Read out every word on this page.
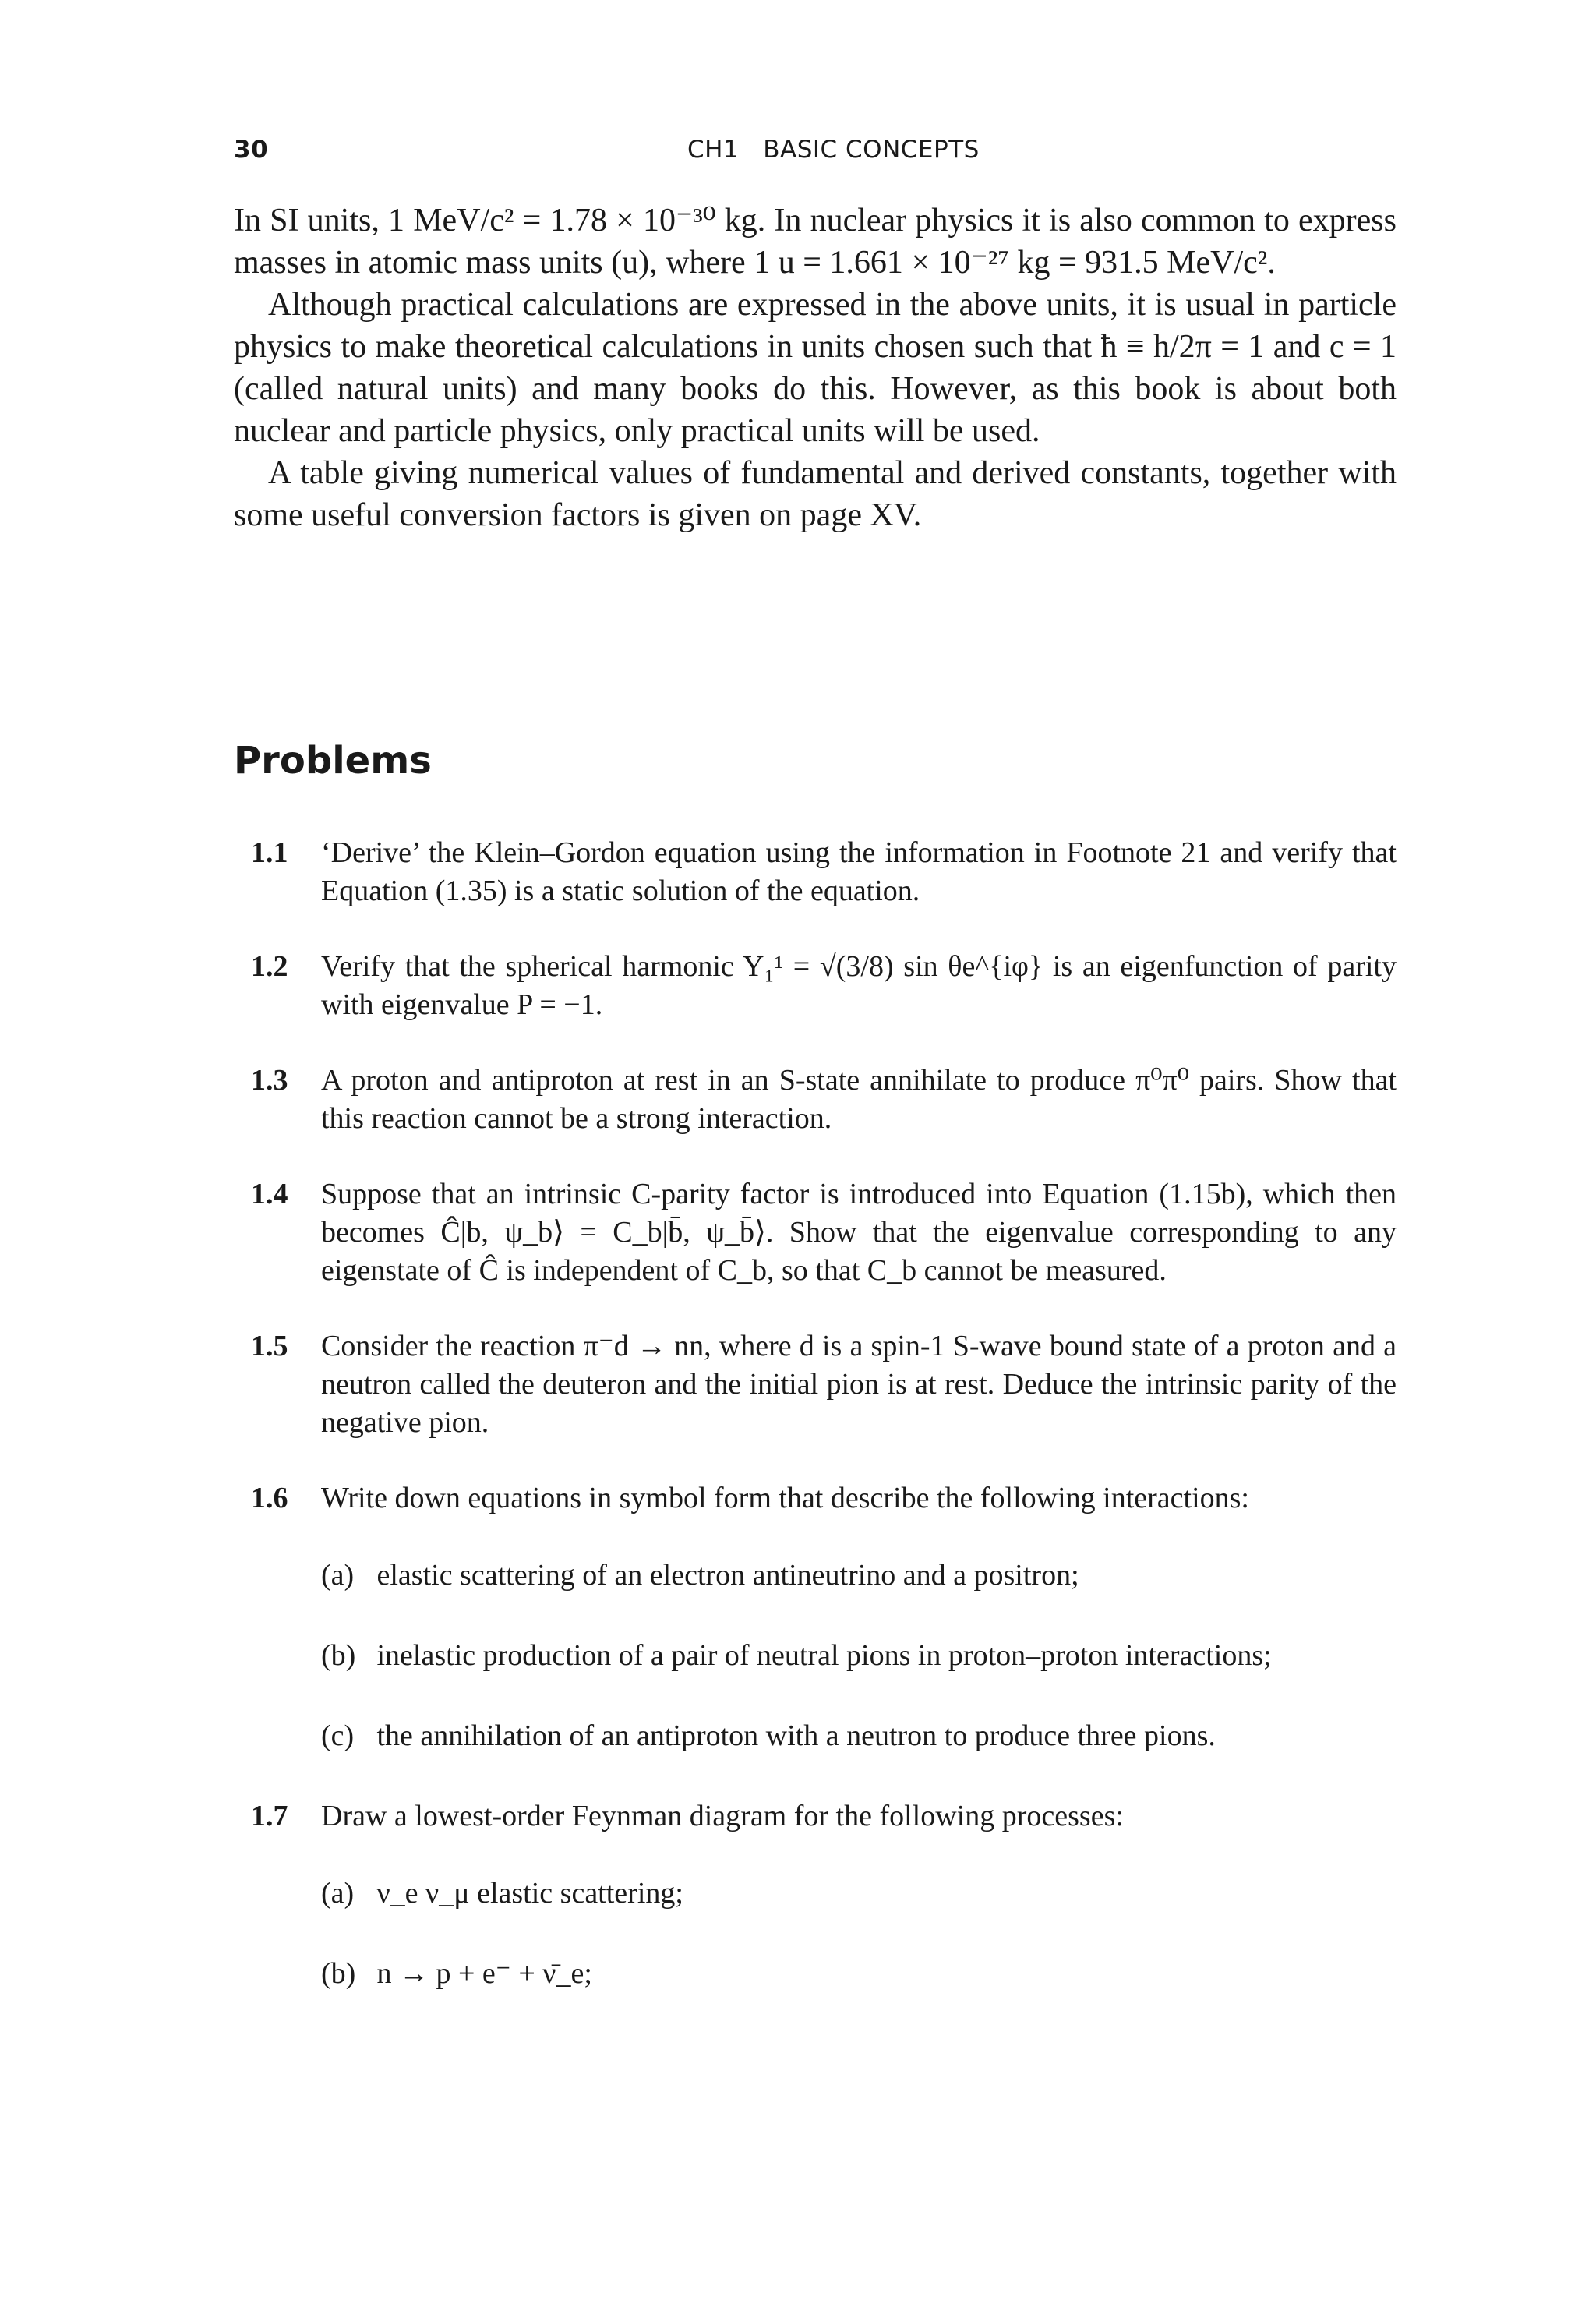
30	CH1   BASIC CONCEPTS

In SI units, 1 MeV/c² = 1.78 × 10⁻³⁰ kg. In nuclear physics it is also common to express masses in atomic mass units (u), where 1 u = 1.661 × 10⁻²⁷ kg = 931.5 MeV/c².

Although practical calculations are expressed in the above units, it is usual in particle physics to make theoretical calculations in units chosen such that ħ ≡ h/2π = 1 and c = 1 (called natural units) and many books do this. However, as this book is about both nuclear and particle physics, only practical units will be used.

A table giving numerical values of fundamental and derived constants, together with some useful conversion factors is given on page XV.

Problems
1.1 ‘Derive’ the Klein–Gordon equation using the information in Footnote 21 and verify that Equation (1.35) is a static solution of the equation.
1.2 Verify that the spherical harmonic Y₁¹ = √(3/8) sin θe^{iφ} is an eigenfunction of parity with eigenvalue P = −1.
1.3 A proton and antiproton at rest in an S-state annihilate to produce π⁰π⁰ pairs. Show that this reaction cannot be a strong interaction.
1.4 Suppose that an intrinsic C-parity factor is introduced into Equation (1.15b), which then becomes Ĉ|b, ψ_b⟩ = C_b|b̄, ψ_b̄⟩. Show that the eigenvalue corresponding to any eigenstate of Ĉ is independent of C_b, so that C_b cannot be measured.
1.5 Consider the reaction π⁻d → nn, where d is a spin-1 S-wave bound state of a proton and a neutron called the deuteron and the initial pion is at rest. Deduce the intrinsic parity of the negative pion.
1.6 Write down equations in symbol form that describe the following interactions:
(a) elastic scattering of an electron antineutrino and a positron;
(b) inelastic production of a pair of neutral pions in proton–proton interactions;
(c) the annihilation of an antiproton with a neutron to produce three pions.
1.7 Draw a lowest-order Feynman diagram for the following processes:
(a) ν_e ν_μ elastic scattering;
(b) n → p + e⁻ + ν̄_e;
